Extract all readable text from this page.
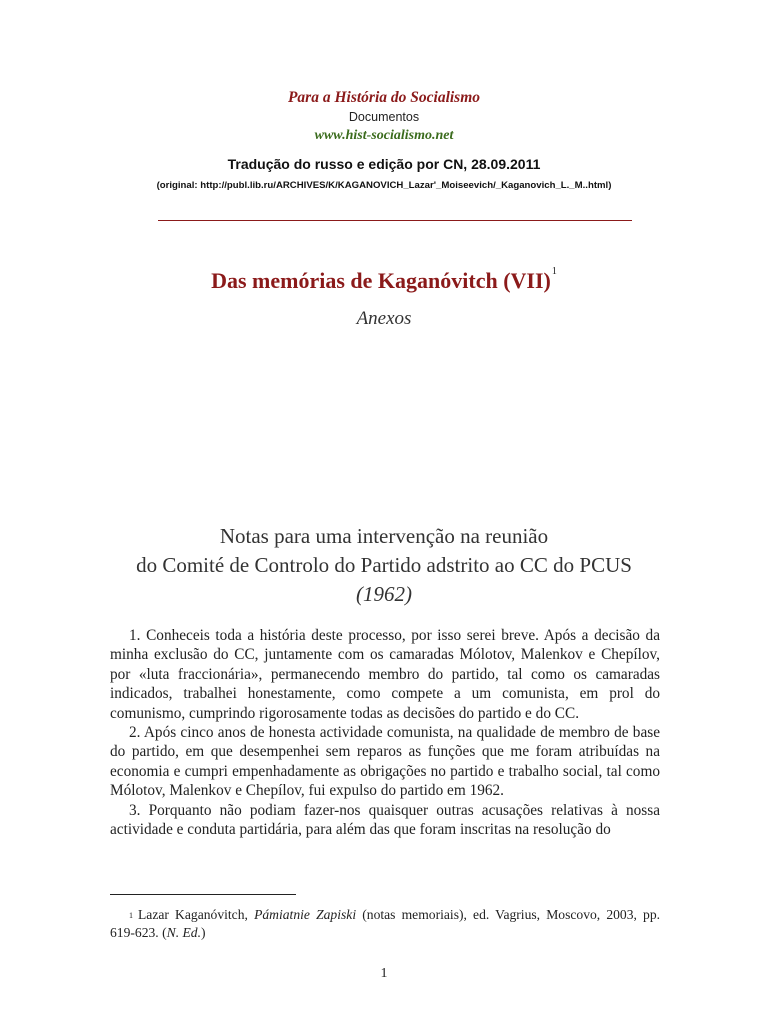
Para a História do Socialismo
Documentos
www.hist-socialismo.net
Tradução do russo e edição por CN, 28.09.2011
(original: http://publ.lib.ru/ARCHIVES/K/KAGANOVICH_Lazar'_Moiseevich/_Kaganovich_L._M..html)
Das memórias de Kaganóvitch (VII)$^1$
Anexos
Notas para uma intervenção na reunião
do Comité de Controlo do Partido adstrito ao CC do PCUS
(1962)

1. Conheceis toda a história deste processo, por isso serei breve. Após a decisão da minha exclusão do CC, juntamente com os camaradas Mólotov, Malenkov e Chepílov, por «luta fraccionária», permanecendo membro do partido, tal como os camaradas indicados, trabalhei honestamente, como compete a um comunista, em prol do comunismo, cumprindo rigorosamente todas as decisões do partido e do CC.

2. Após cinco anos de honesta actividade comunista, na qualidade de membro de base do partido, em que desempenhei sem reparos as funções que me foram atribuídas na economia e cumpri empenhadamente as obrigações no partido e trabalho social, tal como Mólotov, Malenkov e Chepílov, fui expulso do partido em 1962.

3. Porquanto não podiam fazer-nos quaisquer outras acusações relativas à nossa actividade e conduta partidária, para além das que foram inscritas na resolução do

$^1$ Lazar Kaganóvitch, Pámiatnie Zapiski (notas memoriais), ed. Vagrius, Moscovo, 2003, pp. 619-623. (N. Ed.)
1
